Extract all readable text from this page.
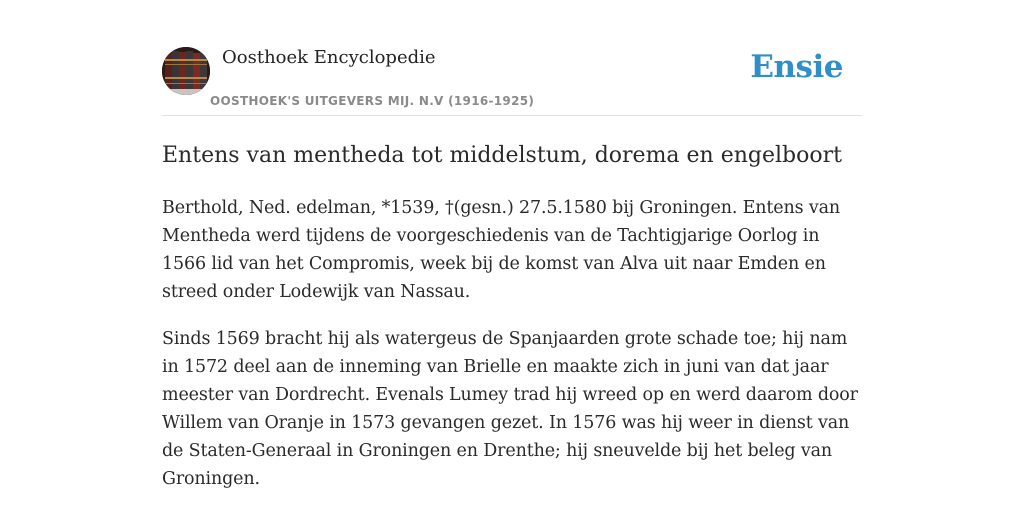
Oosthoek Encyclopedie
OOSTHOEK'S UITGEVERS MIJ. N.V (1916-1925)
Ensie
Entens van mentheda tot middelstum, dorema en engelboort

Berthold, Ned. edelman, *1539, †(gesn.) 27.5.1580 bij Groningen. Entens van Mentheda werd tijdens de voorgeschiedenis van de Tachtigjarige Oorlog in 1566 lid van het Compromis, week bij de komst van Alva uit naar Emden en streed onder Lodewijk van Nassau.

Sinds 1569 bracht hij als watergeus de Spanjaarden grote schade toe; hij nam in 1572 deel aan de inneming van Brielle en maakte zich in juni van dat jaar meester van Dordrecht. Evenals Lumey trad hij wreed op en werd daarom door Willem van Oranje in 1573 gevangen gezet. In 1576 was hij weer in dienst van de Staten-Generaal in Groningen en Drenthe; hij sneuvelde bij het beleg van Groningen.
